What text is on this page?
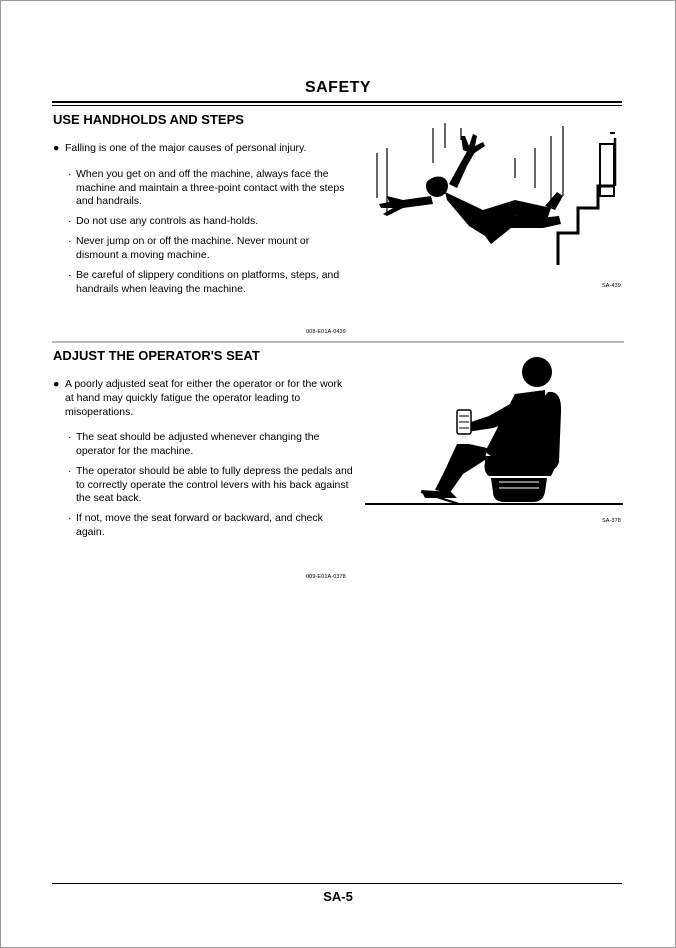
SAFETY
USE HANDHOLDS AND STEPS
● Falling is one of the major causes of personal injury.
· When you get on and off the machine, always face the machine and maintain a three-point contact with the steps and handrails.
· Do not use any controls as hand-holds.
· Never jump on or off the machine. Never mount or dismount a moving machine.
· Be careful of slippery conditions on platforms, steps, and handrails when leaving the machine.	SA-439
008-E01A-0439
ADJUST THE OPERATOR'S SEAT
● A poorly adjusted seat for either the operator or for the work at hand may quickly fatigue the operator leading to misoperations.
· The seat should be adjusted whenever changing the operator for the machine.
· The operator should be able to fully depress the pedals and to correctly operate the control levers with his back against the seat back.
· If not, move the seat forward or backward, and check again.
SA-378
009-E01A-0378
SA-5
